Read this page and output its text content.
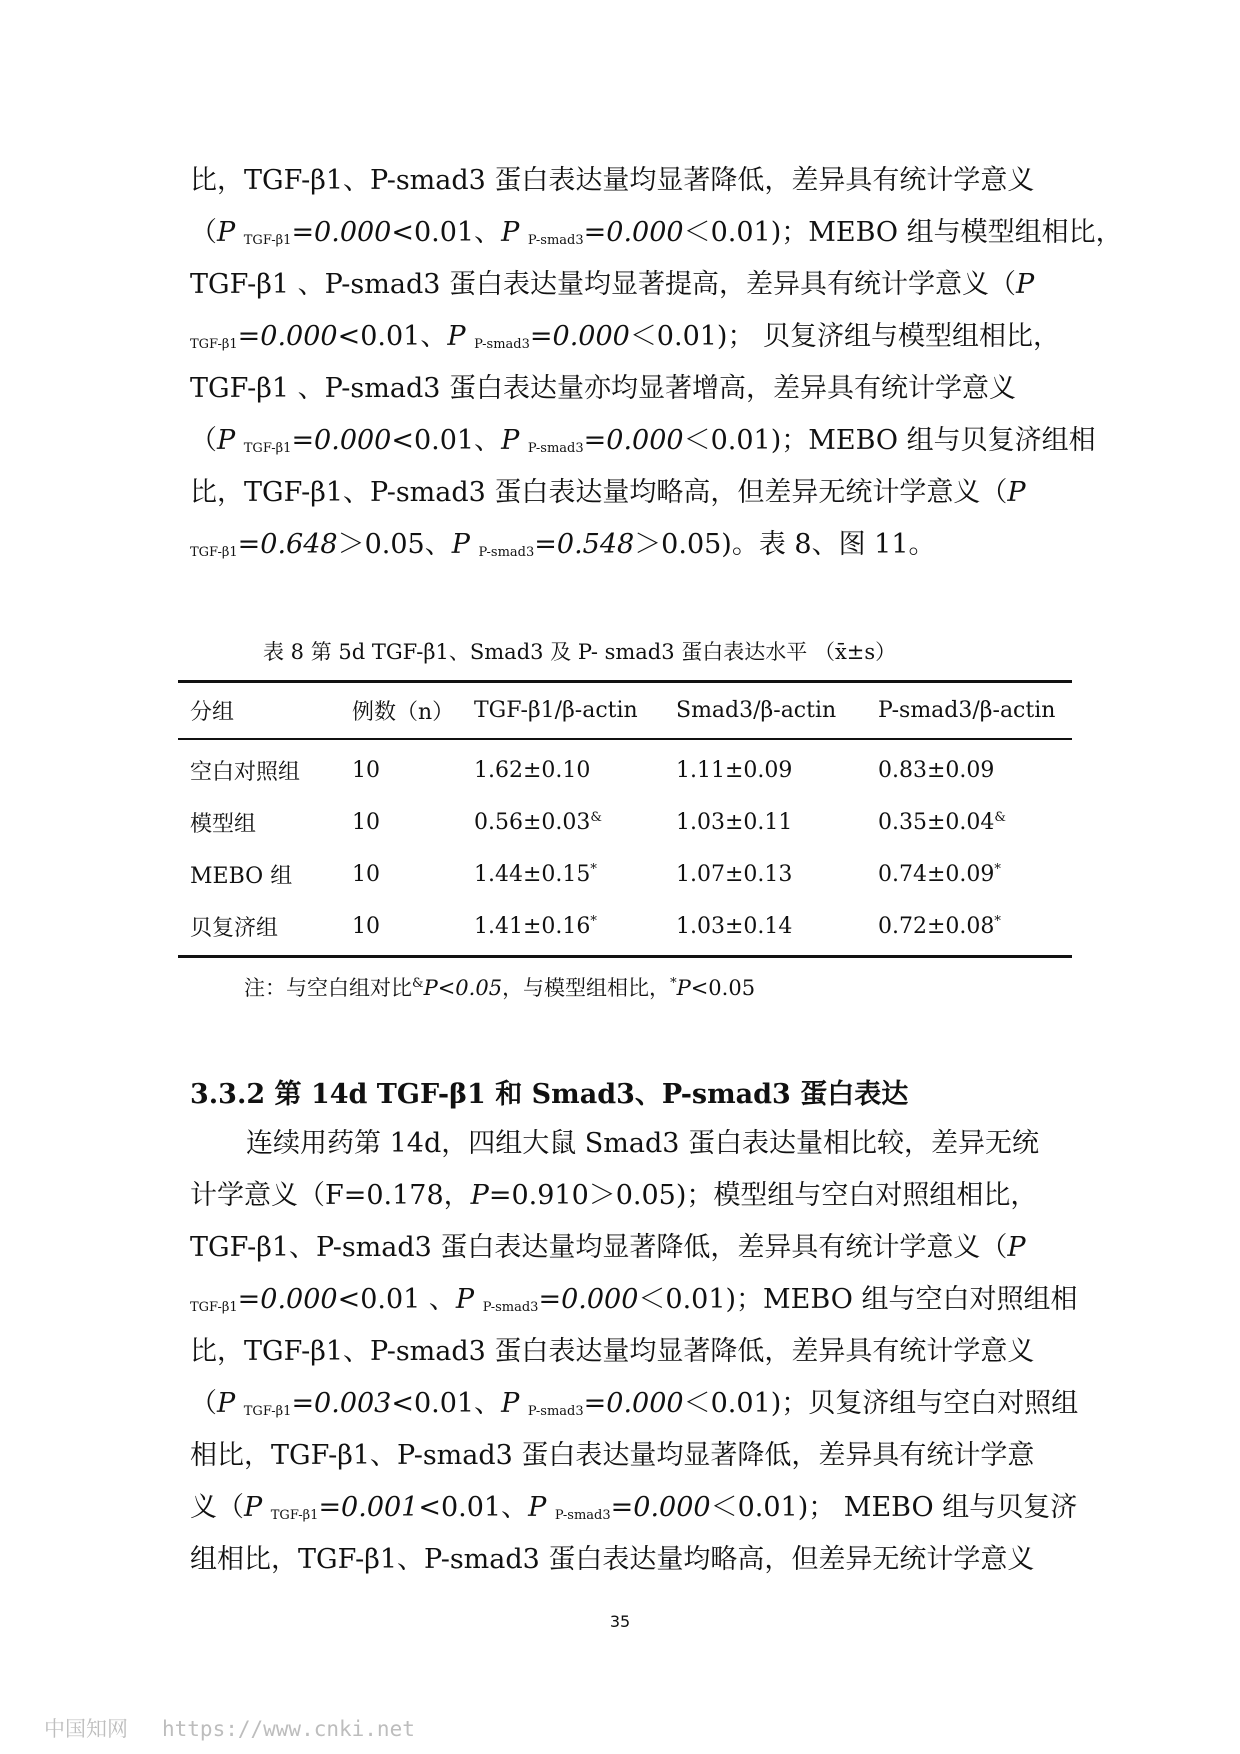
比，TGF-β1、P-smad3 蛋白表达量均显著降低，差异具有统计学意义
（P $_{TGF-\beta 1}$=0.000<0.01、P $_{P-smad3}$=0.000＜0.01)；MEBO 组与模型组相比，
TGF-β1 、P-smad3 蛋白表达量均显著提高，差异具有统计学意义（P
$_{TGF-\beta 1}$=0.000<0.01、P $_{P-smad3}$=0.000＜0.01)； 贝复济组与模型组相比，
TGF-β1 、P-smad3 蛋白表达量亦均显著增高，差异具有统计学意义
（P $_{TGF-\beta 1}$=0.000<0.01、P $_{P-smad3}$=0.000＜0.01)；MEBO 组与贝复济组相
比，TGF-β1、P-smad3 蛋白表达量均略高，但差异无统计学意义（P
$_{TGF-\beta 1}$=0.648＞0.05、P $_{P-smad3}$=0.548＞0.05)。表 8、图 11。
表 8 第 5d TGF-β1、Smad3 及 P- smad3 蛋白表达水平 （x̄±s）
分组	例数（n）	TGF-β1/β-actin	Smad3/β-actin	P-smad3/β-actin
空白对照组	10	1.62±0.10	1.11±0.09	0.83±0.09
模型组	10	0.56±0.03&	1.03±0.11	0.35±0.04&
MEBO 组	10	1.44±0.15*	1.07±0.13	0.74±0.09*
贝复济组	10	1.41±0.16*	1.03±0.14	0.72±0.08*
注：与空白组对比&P<0.05，与模型组相比，*P<0.05
3.3.2 第 14d TGF-β1 和 Smad3、P-smad3 蛋白表达
连续用药第 14d，四组大鼠 Smad3 蛋白表达量相比较，差异无统
计学意义（F=0.178，P=0.910＞0.05)；模型组与空白对照组相比，
TGF-β1、P-smad3 蛋白表达量均显著降低，差异具有统计学意义（P
$_{TGF-\beta 1}$=0.000<0.01 、P $_{P-smad3}$=0.000＜0.01)；MEBO 组与空白对照组相
比，TGF-β1、P-smad3 蛋白表达量均显著降低，差异具有统计学意义
（P $_{TGF-\beta 1}$=0.003<0.01、P $_{P-smad3}$=0.000＜0.01)；贝复济组与空白对照组
相比，TGF-β1、P-smad3 蛋白表达量均显著降低，差异具有统计学意
义（P $_{TGF-\beta 1}$=0.001<0.01、P $_{P-smad3}$=0.000＜0.01)； MEBO 组与贝复济
组相比，TGF-β1、P-smad3 蛋白表达量均略高，但差异无统计学意义
35
中国知网 https://www.cnki.net
